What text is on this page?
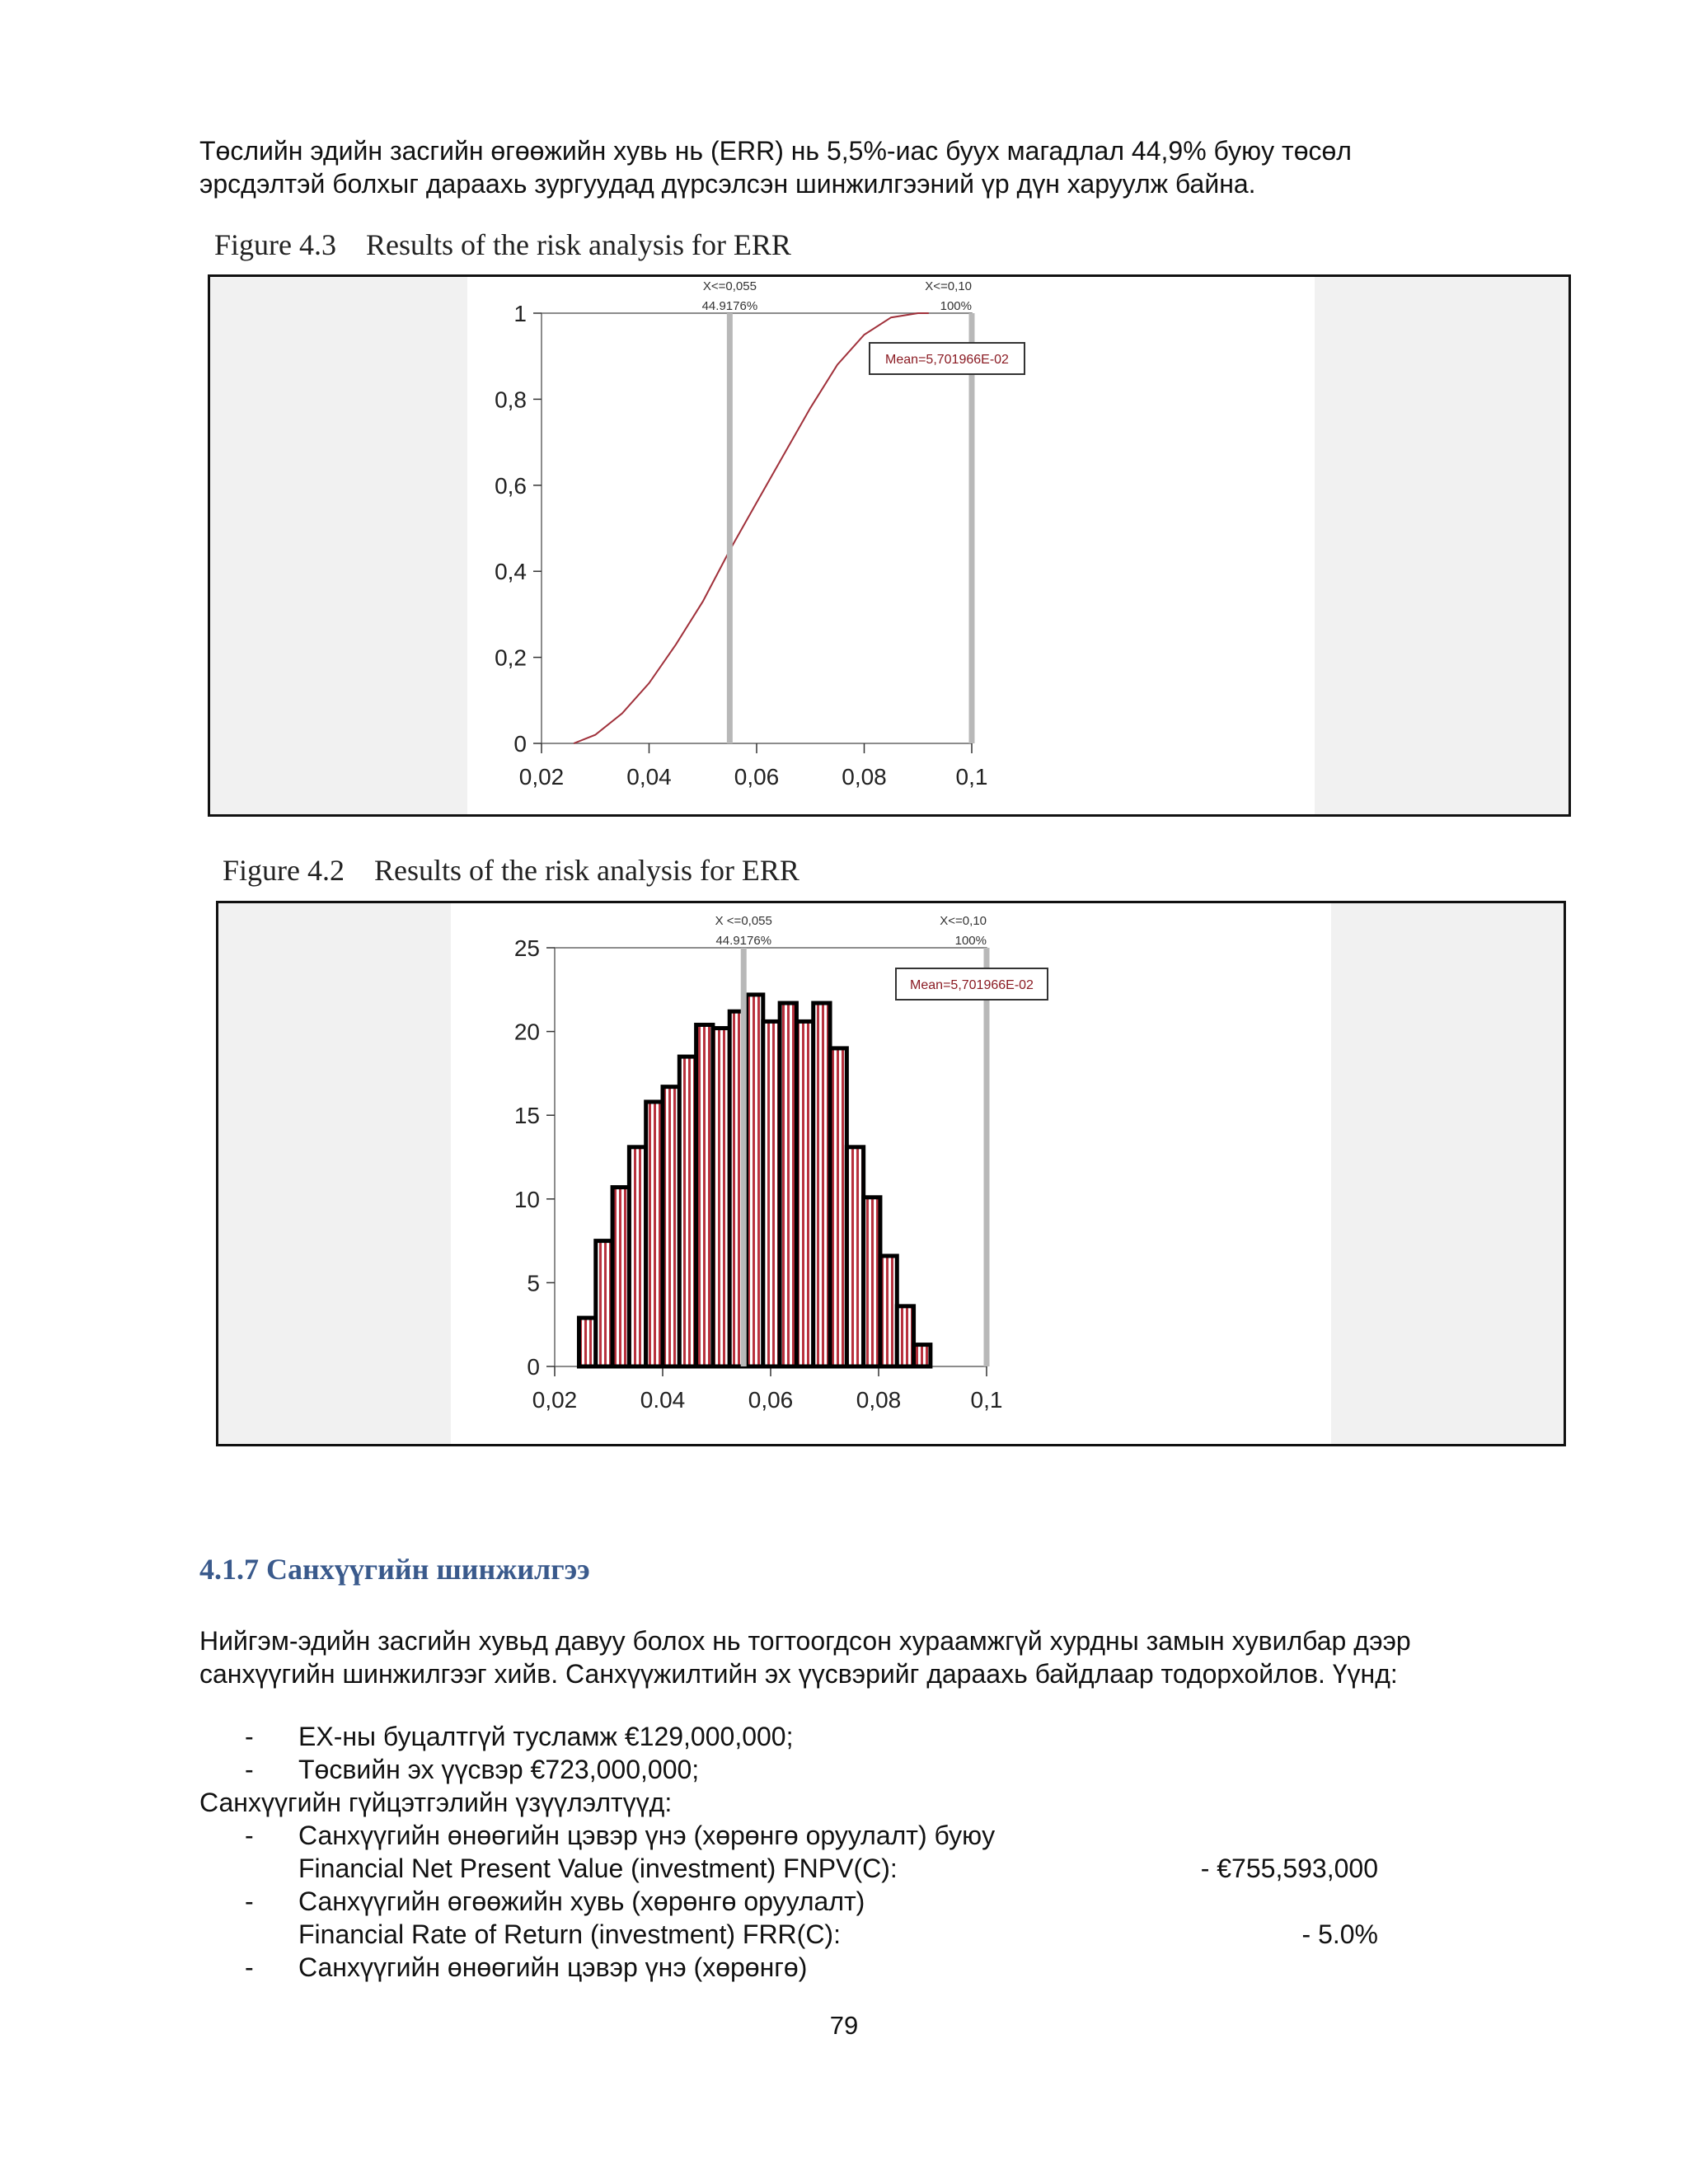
Төслийн эдийн засгийн өгөөжийн хувь нь (ERR) нь 5,5%-иас буух магадлал 44,9% буюу төсөл
эрсдэлтэй болхыг дараахь зургуудад дүрсэлсэн шинжилгээний үр дүн харуулж байна.

Figure 4.3    Results of the risk analysis for ERR
0
0,2
0,4
0,6
0,8
1
0,02	0,04	0,06	0,08	0,1
X<=0,055
44.9176%
X<=0,10
100%
Mean=5,701966E-02
Figure 4.2    Results of the risk analysis for ERR
0
5
10
15
20
25
0,02	0.04	0,06	0,08	0,1
X <=0,055
44.9176%
X<=0,10
100%
Mean=5,701966E-02
4.1.7 Санхүүгийн шинжилгээ

Нийгэм-эдийн засгийн хувьд давуу болох нь тогтоогдсон хураамжгүй хурдны замын хувилбар дээр
санхүүгийн шинжилгээг хийв. Санхүүжилтийн эх үүсвэрийг дараахь байдлаар тодорхойлов. Үүнд:

- ЕХ-ны буцалтгүй тусламж €129,000,000;
- Төсвийн эх үүсвэр €723,000,000;
Санхүүгийн гүйцэтгэлийн үзүүлэлтүүд:
- Санхүүгийн өнөөгийн цэвэр үнэ (хөрөнгө оруулалт) буюу
Financial Net Present Value (investment) FNPV(C):	- €755,593,000
- Санхүүгийн өгөөжийн хувь (хөрөнгө оруулалт)
Financial Rate of Return (investment) FRR(C):	- 5.0%
- Санхүүгийн өнөөгийн цэвэр үнэ (хөрөнгө)
79
